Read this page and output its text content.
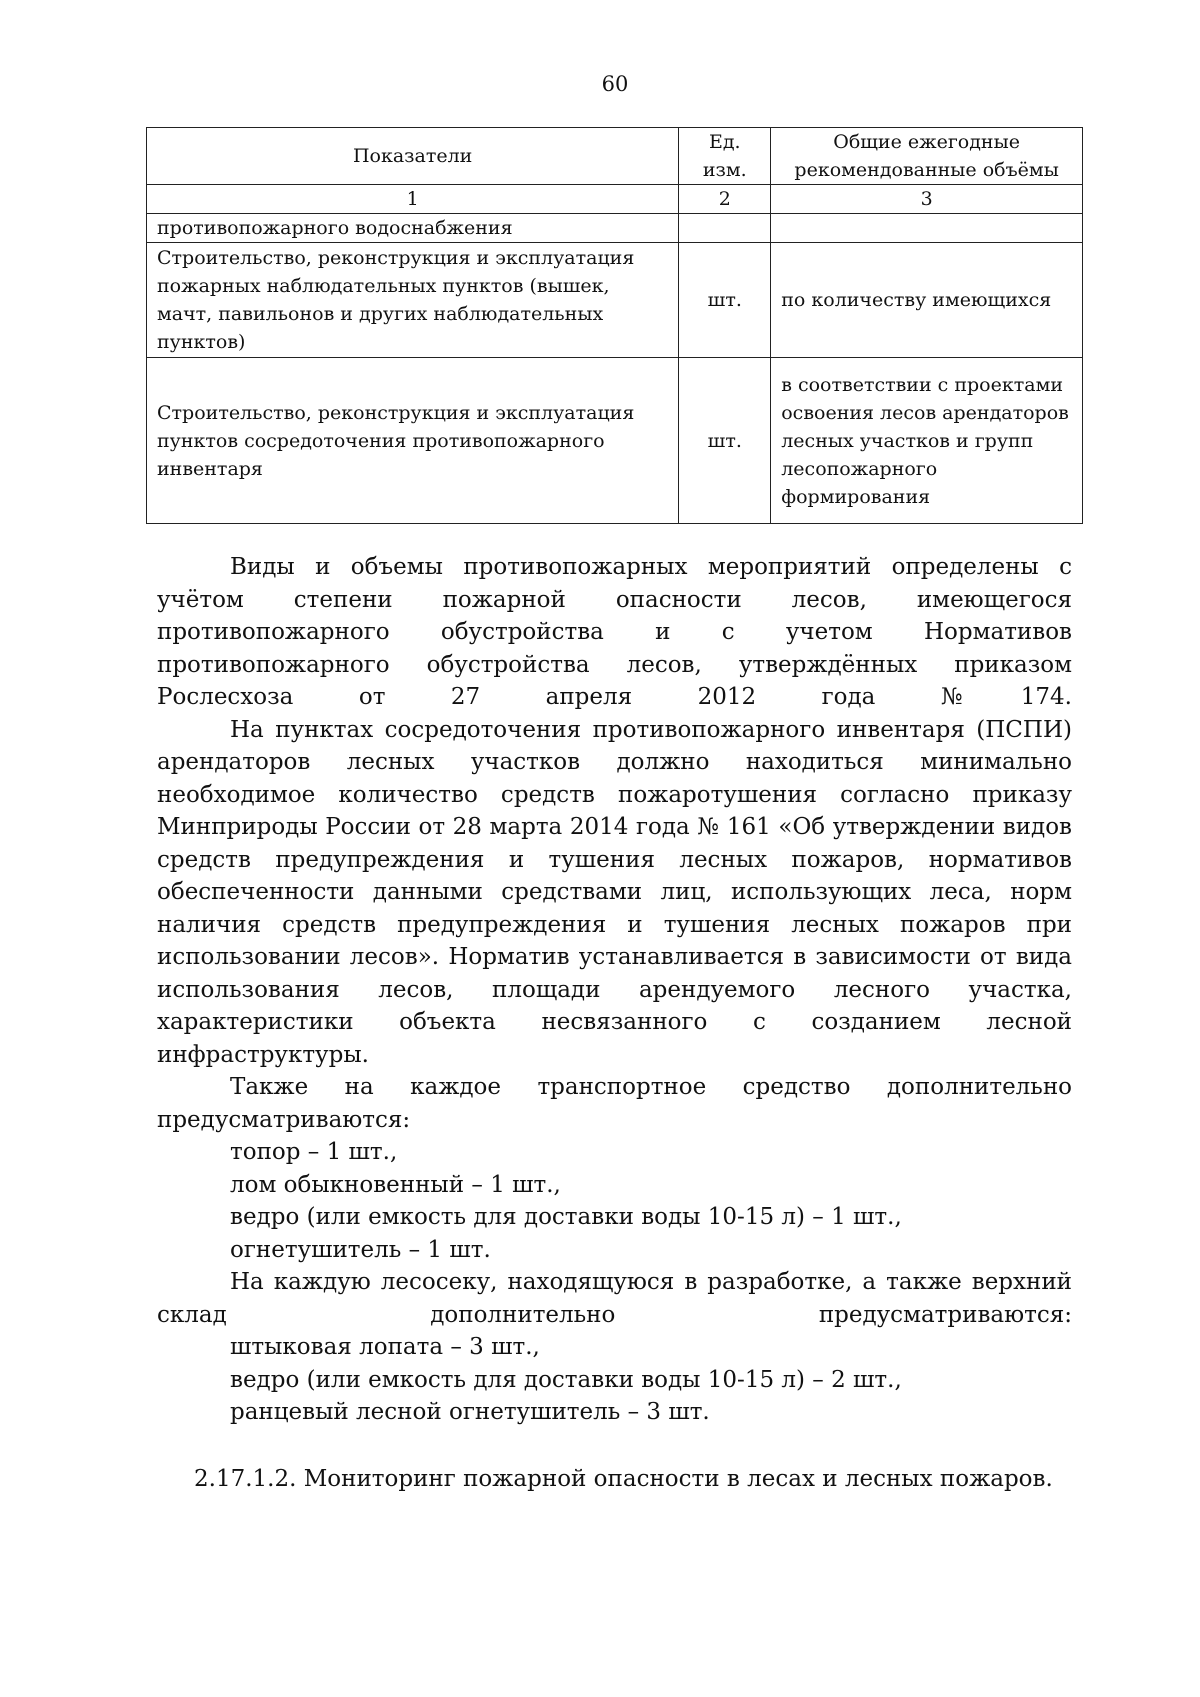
60
Показатели	Ед. изм.	Общие ежегодные рекомендованные объёмы
1	2	3
противопожарного водоснабжения		
Строительство, реконструкция и эксплуатация пожарных наблюдательных пунктов (вышек, мачт, павильонов и других наблюдательных пунктов)	шт.	по количеству имеющихся
Строительство, реконструкция и эксплуатация пунктов сосредоточения противопожарного инвентаря	шт.	в соответствии с проектами освоения лесов арендаторов лесных участков и групп лесопожарного формирования

Виды и объемы противопожарных мероприятий определены с учётом степени пожарной опасности лесов, имеющегося противопожарного обустройства и с учетом Нормативов противопожарного обустройства лесов, утверждённых приказом Рослесхоза от 27 апреля 2012 года №174.

На пунктах сосредоточения противопожарного инвентаря (ПСПИ) арендаторов лесных участков должно находиться минимально необходимое количество средств пожаротушения согласно приказу Минприроды России от 28 марта 2014 года № 161 «Об утверждении видов средств предупреждения и тушения лесных пожаров, нормативов обеспеченности данными средствами лиц, использующих леса, норм наличия средств предупреждения и тушения лесных пожаров при использовании лесов». Норматив устанавливается в зависимости от вида использования лесов, площади арендуемого лесного участка, характеристики объекта несвязанного с созданием лесной инфраструктуры.

Также на каждое транспортное средство дополнительно предусматриваются:

топор – 1 шт.,

лом обыкновенный – 1 шт.,

ведро (или емкость для доставки воды 10-15 л) – 1 шт.,

огнетушитель – 1 шт.

На каждую лесосеку, находящуюся в разработке, а также верхний склад дополнительно предусматриваются:

штыковая лопата – 3 шт.,

ведро (или емкость для доставки воды 10-15 л) – 2 шт.,

ранцевый лесной огнетушитель – 3 шт.

2.17.1.2. Мониторинг пожарной опасности в лесах и лесных пожаров.
